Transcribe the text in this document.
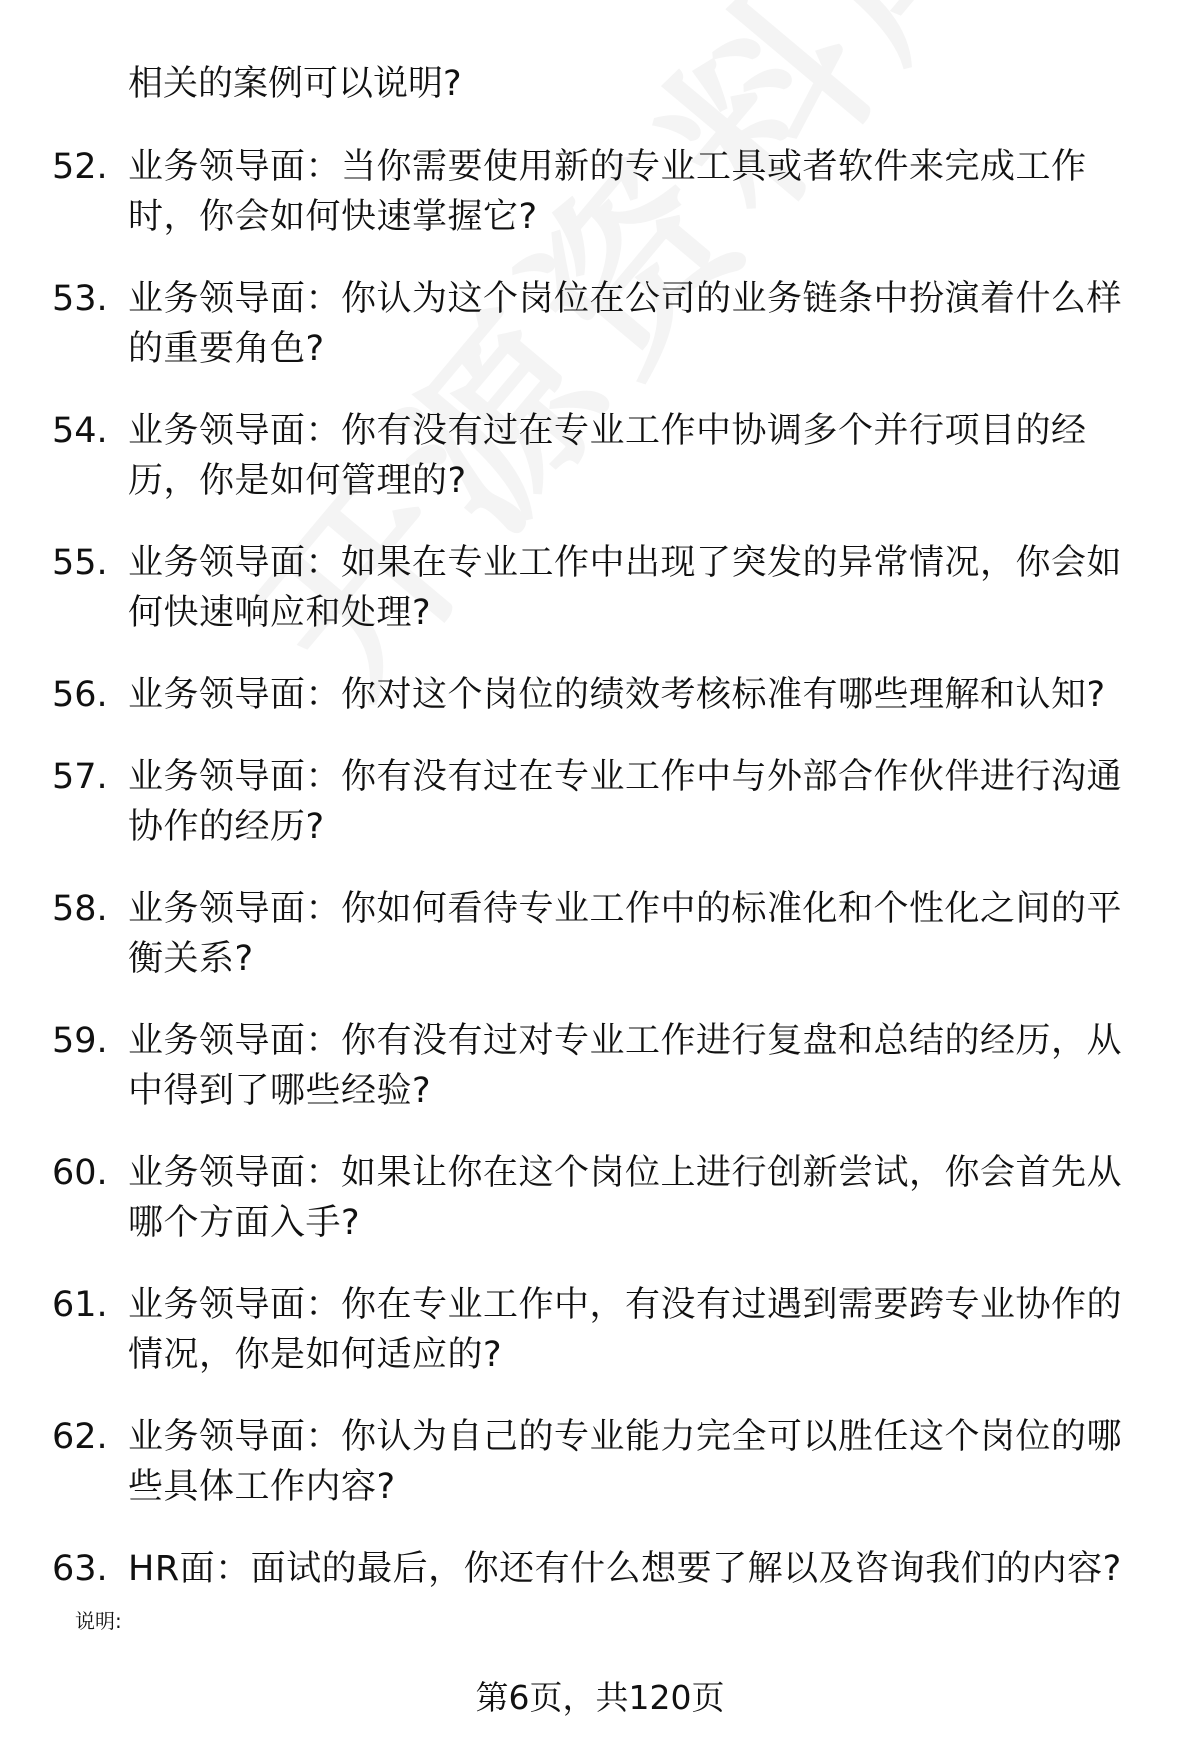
相关的案例可以说明?
52. 业务领导面：当你需要使用新的专业工具或者软件来完成工作时，你会如何快速掌握它?
53. 业务领导面：你认为这个岗位在公司的业务链条中扮演着什么样的重要角色?
54. 业务领导面：你有没有过在专业工作中协调多个并行项目的经历，你是如何管理的?
55. 业务领导面：如果在专业工作中出现了突发的异常情况，你会如何快速响应和处理?
56. 业务领导面：你对这个岗位的绩效考核标准有哪些理解和认知?
57. 业务领导面：你有没有过在专业工作中与外部合作伙伴进行沟通协作的经历?
58. 业务领导面：你如何看待专业工作中的标准化和个性化之间的平衡关系?
59. 业务领导面：你有没有过对专业工作进行复盘和总结的经历，从中得到了哪些经验?
60. 业务领导面：如果让你在这个岗位上进行创新尝试，你会首先从哪个方面入手?
61. 业务领导面：你在专业工作中，有没有过遇到需要跨专业协作的情况，你是如何适应的?
62. 业务领导面：你认为自己的专业能力完全可以胜任这个岗位的哪些具体工作内容?
63. HR面：面试的最后，你还有什么想要了解以及咨询我们的内容?
说明:
第6页，共120页
